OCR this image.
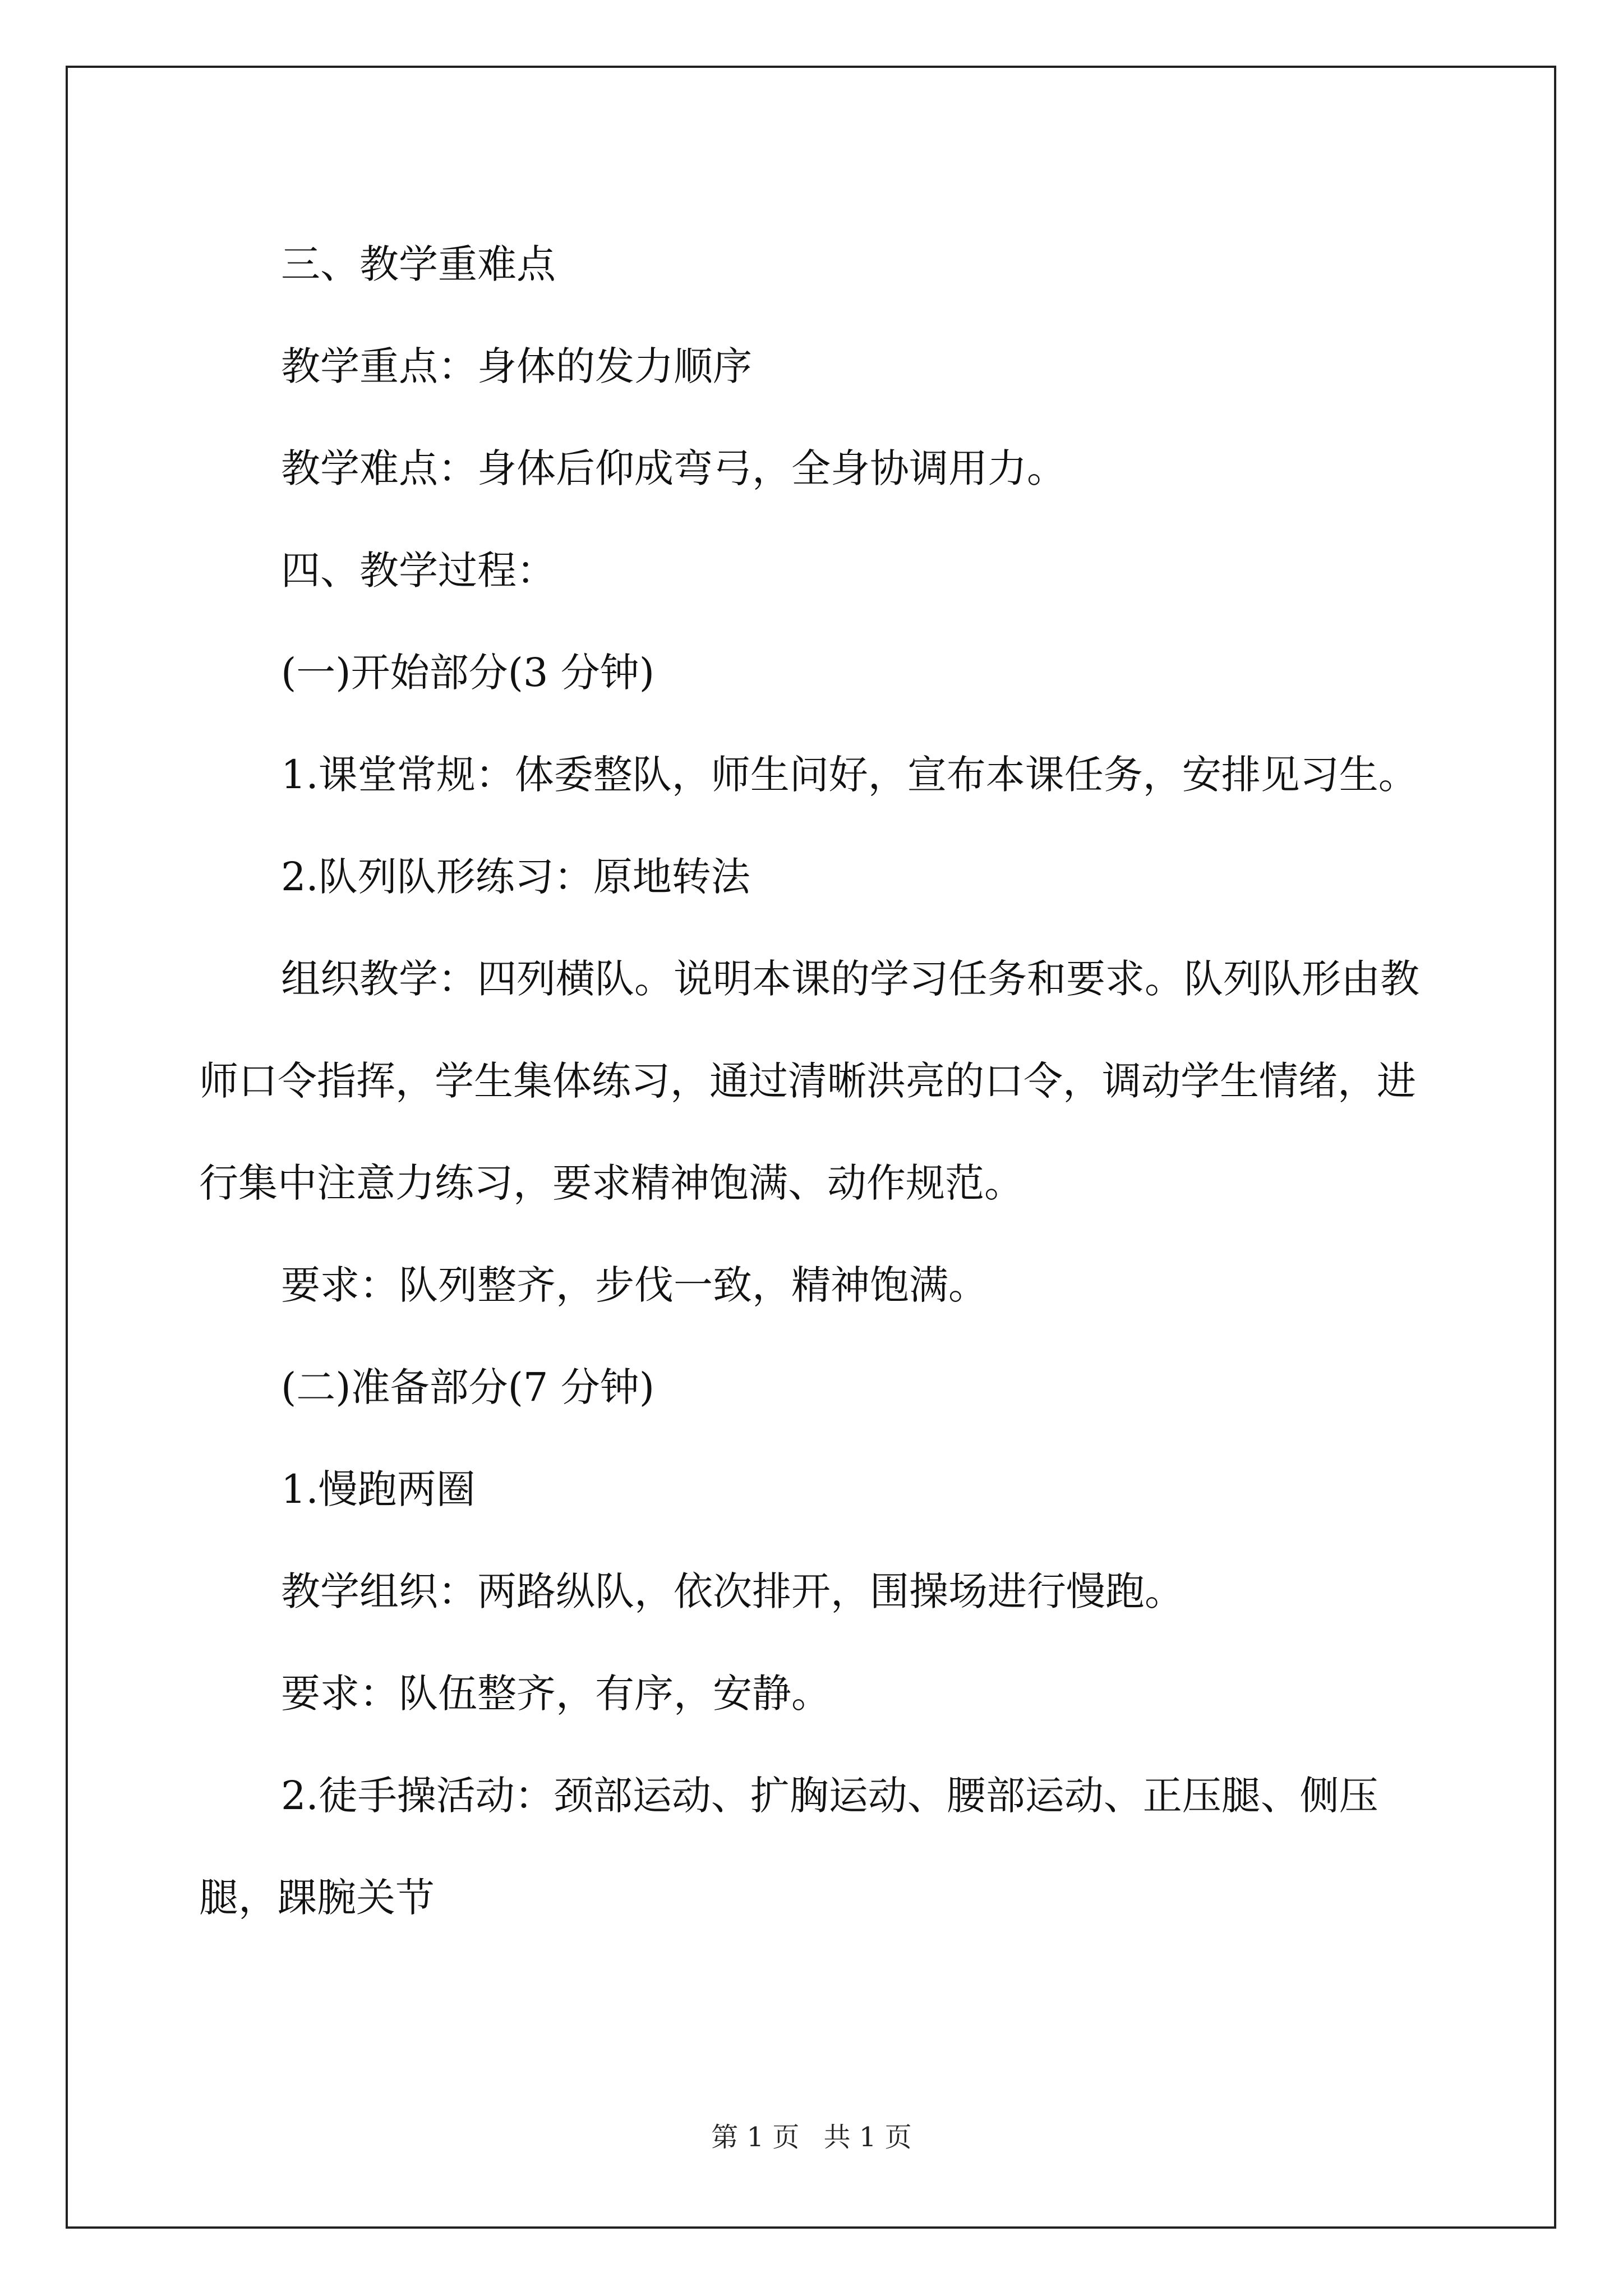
三、教学重难点

教学重点：身体的发力顺序

教学难点：身体后仰成弯弓，全身协调用力。

四、教学过程：

(一)开始部分(3 分钟)

1.课堂常规：体委整队，师生问好，宣布本课任务，安排见习生。

2.队列队形练习：原地转法

组织教学：四列横队。说明本课的学习任务和要求。队列队形由教师口令指挥，学生集体练习，通过清晰洪亮的口令，调动学生情绪，进行集中注意力练习，要求精神饱满、动作规范。

要求：队列整齐，步伐一致，精神饱满。

(二)准备部分(7 分钟)

1.慢跑两圈

教学组织：两路纵队，依次排开，围操场进行慢跑。

要求：队伍整齐，有序，安静。

2.徒手操活动：颈部运动、扩胸运动、腰部运动、正压腿、侧压腿，踝腕关节

第 1 页 共 1 页
